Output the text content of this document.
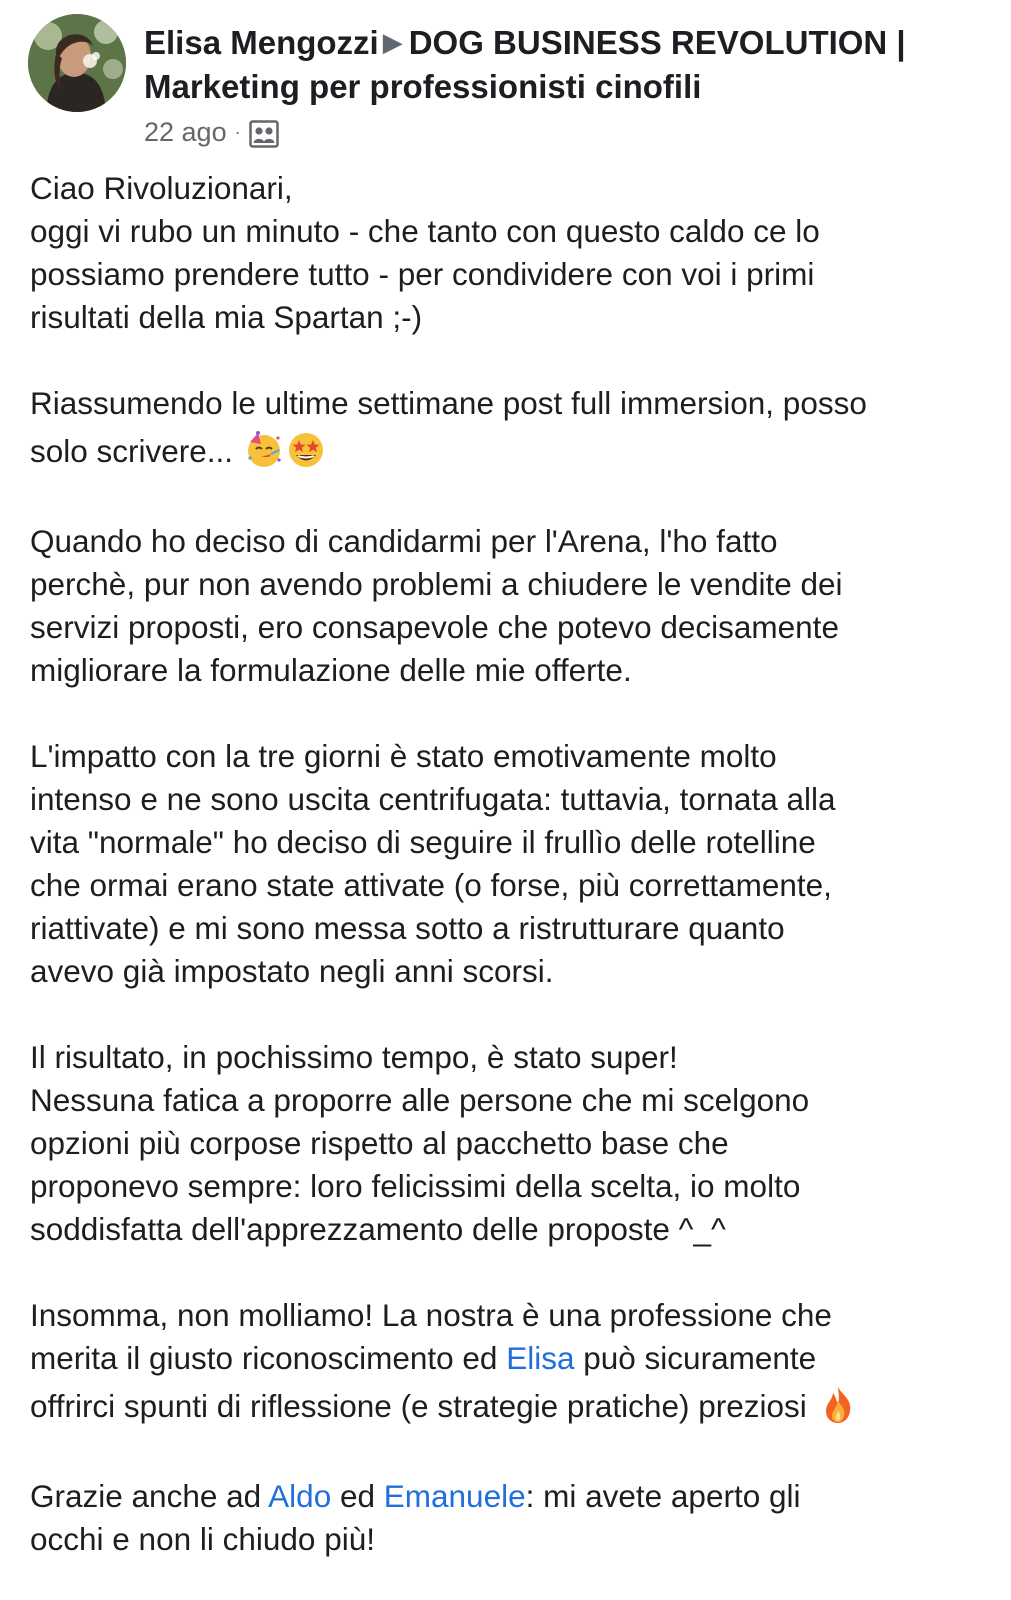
Elisa Mengozzi ▶ DOG BUSINESS REVOLUTION |
Marketing per professionisti cinofili
22 ago ·
Ciao Rivoluzionari,
oggi vi rubo un minuto - che tanto con questo caldo ce lo
possiamo prendere tutto - per condividere con voi i primi
risultati della mia Spartan ;-)
Riassumendo le ultime settimane post full immersion, posso
solo scrivere...
Quando ho deciso di candidarmi per l'Arena, l'ho fatto
perchè, pur non avendo problemi a chiudere le vendite dei
servizi proposti, ero consapevole che potevo decisamente
migliorare la formulazione delle mie offerte.
L'impatto con la tre giorni è stato emotivamente molto
intenso e ne sono uscita centrifugata: tuttavia, tornata alla
vita "normale" ho deciso di seguire il frullìo delle rotelline
che ormai erano state attivate (o forse, più correttamente,
riattivate) e mi sono messa sotto a ristrutturare quanto
avevo già impostato negli anni scorsi.
Il risultato, in pochissimo tempo, è stato super!
Nessuna fatica a proporre alle persone che mi scelgono
opzioni più corpose rispetto al pacchetto base che
proponevo sempre: loro felicissimi della scelta, io molto
soddisfatta dell'apprezzamento delle proposte ^_^
Insomma, non molliamo! La nostra è una professione che
merita il giusto riconoscimento ed Elisa può sicuramente
offrirci spunti di riflessione (e strategie pratiche) preziosi
Grazie anche ad Aldo ed Emanuele: mi avete aperto gli
occhi e non li chiudo più!
